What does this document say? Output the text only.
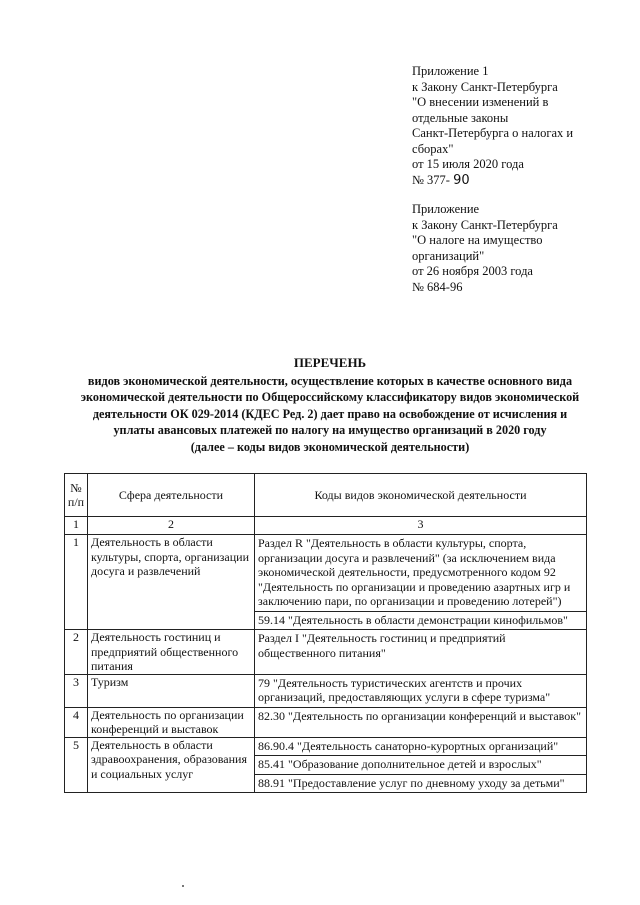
Приложение 1
к Закону Санкт-Петербурга
"О внесении изменений в
отдельные законы
Санкт-Петербурга о налогах и
сборах"
от 15 июля 2020 года
№ 377- 90
Приложение
к Закону Санкт-Петербурга
"О налоге на имущество
организаций"
от 26 ноября 2003 года
№ 684-96
ПЕРЕЧЕНЬ
видов экономической деятельности, осуществление которых в качестве основного вида
экономической деятельности по Общероссийскому классификатору видов экономической
деятельности ОК 029-2014 (КДЕС Ред. 2) дает право на освобождение от исчисления и
уплаты авансовых платежей по налогу на имущество организаций в 2020 году
(далее – коды видов экономической деятельности)
№ п/п	Сфера деятельности	Коды видов экономической деятельности
1	2	3
1	Деятельность в области культуры, спорта, организации досуга и развлечений	Раздел R "Деятельность в области культуры, спорта, организации досуга и развлечений" (за исключением вида экономической деятельности, предусмотренного кодом 92 "Деятельность по организации и проведению азартных игр и заключению пари, по организации и проведению лотерей")
59.14 "Деятельность в области демонстрации кинофильмов"

2	Деятельность гостиниц и предприятий общественного питания	Раздел I "Деятельность гостиниц и предприятий общественного питания"

3	Туризм	79 "Деятельность туристических агентств и прочих организаций, предоставляющих услуги в сфере туризма"

4	Деятельность по организации конференций и выставок	82.30 "Деятельность по организации конференций и выставок"

5	Деятельность в области здравоохранения, образования и социальных услуг	86.90.4 "Деятельность санаторно-курортных организаций"
85.41 "Образование дополнительное детей и взрослых"
88.91 "Предоставление услуг по дневному уходу за детьми"
